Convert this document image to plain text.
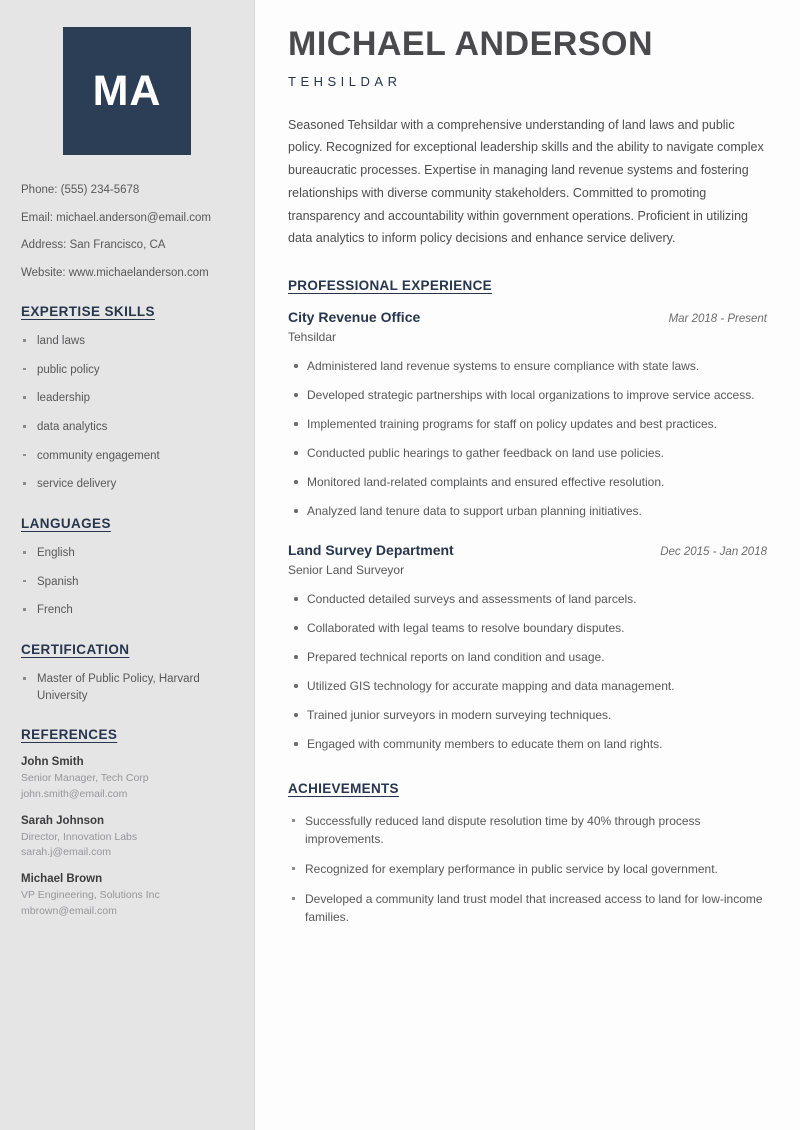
MA
Phone: (555) 234-5678
Email: michael.anderson@email.com
Address: San Francisco, CA
Website: www.michaelanderson.com
EXPERTISE SKILLS
land laws
public policy
leadership
data analytics
community engagement
service delivery
LANGUAGES
English
Spanish
French
CERTIFICATION
Master of Public Policy, Harvard University
REFERENCES
John Smith
Senior Manager, Tech Corp
john.smith@email.com
Sarah Johnson
Director, Innovation Labs
sarah.j@email.com
Michael Brown
VP Engineering, Solutions Inc
mbrown@email.com
MICHAEL ANDERSON
TEHSILDAR

Seasoned Tehsildar with a comprehensive understanding of land laws and public policy. Recognized for exceptional leadership skills and the ability to navigate complex bureaucratic processes. Expertise in managing land revenue systems and fostering relationships with diverse community stakeholders. Committed to promoting transparency and accountability within government operations. Proficient in utilizing data analytics to inform policy decisions and enhance service delivery.

PROFESSIONAL EXPERIENCE
City Revenue Office	Mar 2018 - Present
Tehsildar
Administered land revenue systems to ensure compliance with state laws.
Developed strategic partnerships with local organizations to improve service access.
Implemented training programs for staff on policy updates and best practices.
Conducted public hearings to gather feedback on land use policies.
Monitored land-related complaints and ensured effective resolution.
Analyzed land tenure data to support urban planning initiatives.
Land Survey Department	Dec 2015 - Jan 2018
Senior Land Surveyor
Conducted detailed surveys and assessments of land parcels.
Collaborated with legal teams to resolve boundary disputes.
Prepared technical reports on land condition and usage.
Utilized GIS technology for accurate mapping and data management.
Trained junior surveyors in modern surveying techniques.
Engaged with community members to educate them on land rights.
ACHIEVEMENTS
Successfully reduced land dispute resolution time by 40% through process improvements.
Recognized for exemplary performance in public service by local government.
Developed a community land trust model that increased access to land for low-income families.
